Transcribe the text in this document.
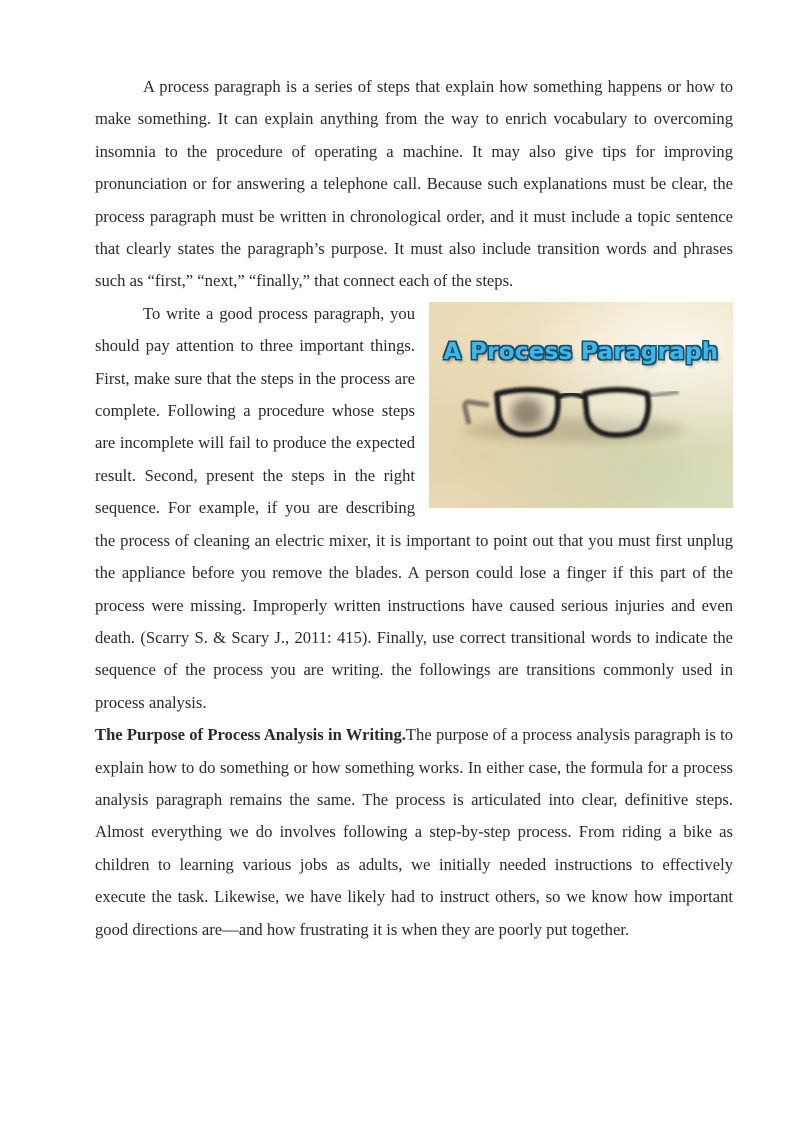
A process paragraph is a series of steps that explain how something happens or how to make something. It can explain anything from the way to enrich vocabulary to overcoming insomnia to the procedure of operating a machine. It may also give tips for improving pronunciation or for answering a telephone call. Because such explanations must be clear, the process paragraph must be written in chronological order, and it must include a topic sentence that clearly states the paragraph’s purpose. It must also include transition words and phrases such as “first,” “next,” “finally,” that connect each of the steps.

A Process Paragraph

To write a good process paragraph, you should pay attention to three important things. First, make sure that the steps in the process are complete. Following a procedure whose steps are incomplete will fail to produce the expected result. Second, present the steps in the right sequence. For example, if you are describing the process of cleaning an electric mixer, it is important to point out that you must first unplug the appliance before you remove the blades. A person could lose a finger if this part of the process were missing. Improperly written instructions have caused serious injuries and even death. (Scarry S. & Scary J., 2011: 415). Finally, use correct transitional words to indicate the sequence of the process you are writing. the followings are transitions commonly used in process analysis.

The Purpose of Process Analysis in Writing.The purpose of a process analysis paragraph is to explain how to do something or how something works. In either case, the formula for a process analysis paragraph remains the same. The process is articulated into clear, definitive steps. Almost everything we do involves following a step-by-step process. From riding a bike as children to learning various jobs as adults, we initially needed instructions to effectively execute the task. Likewise, we have likely had to instruct others, so we know how important good directions are—and how frustrating it is when they are poorly put together.
